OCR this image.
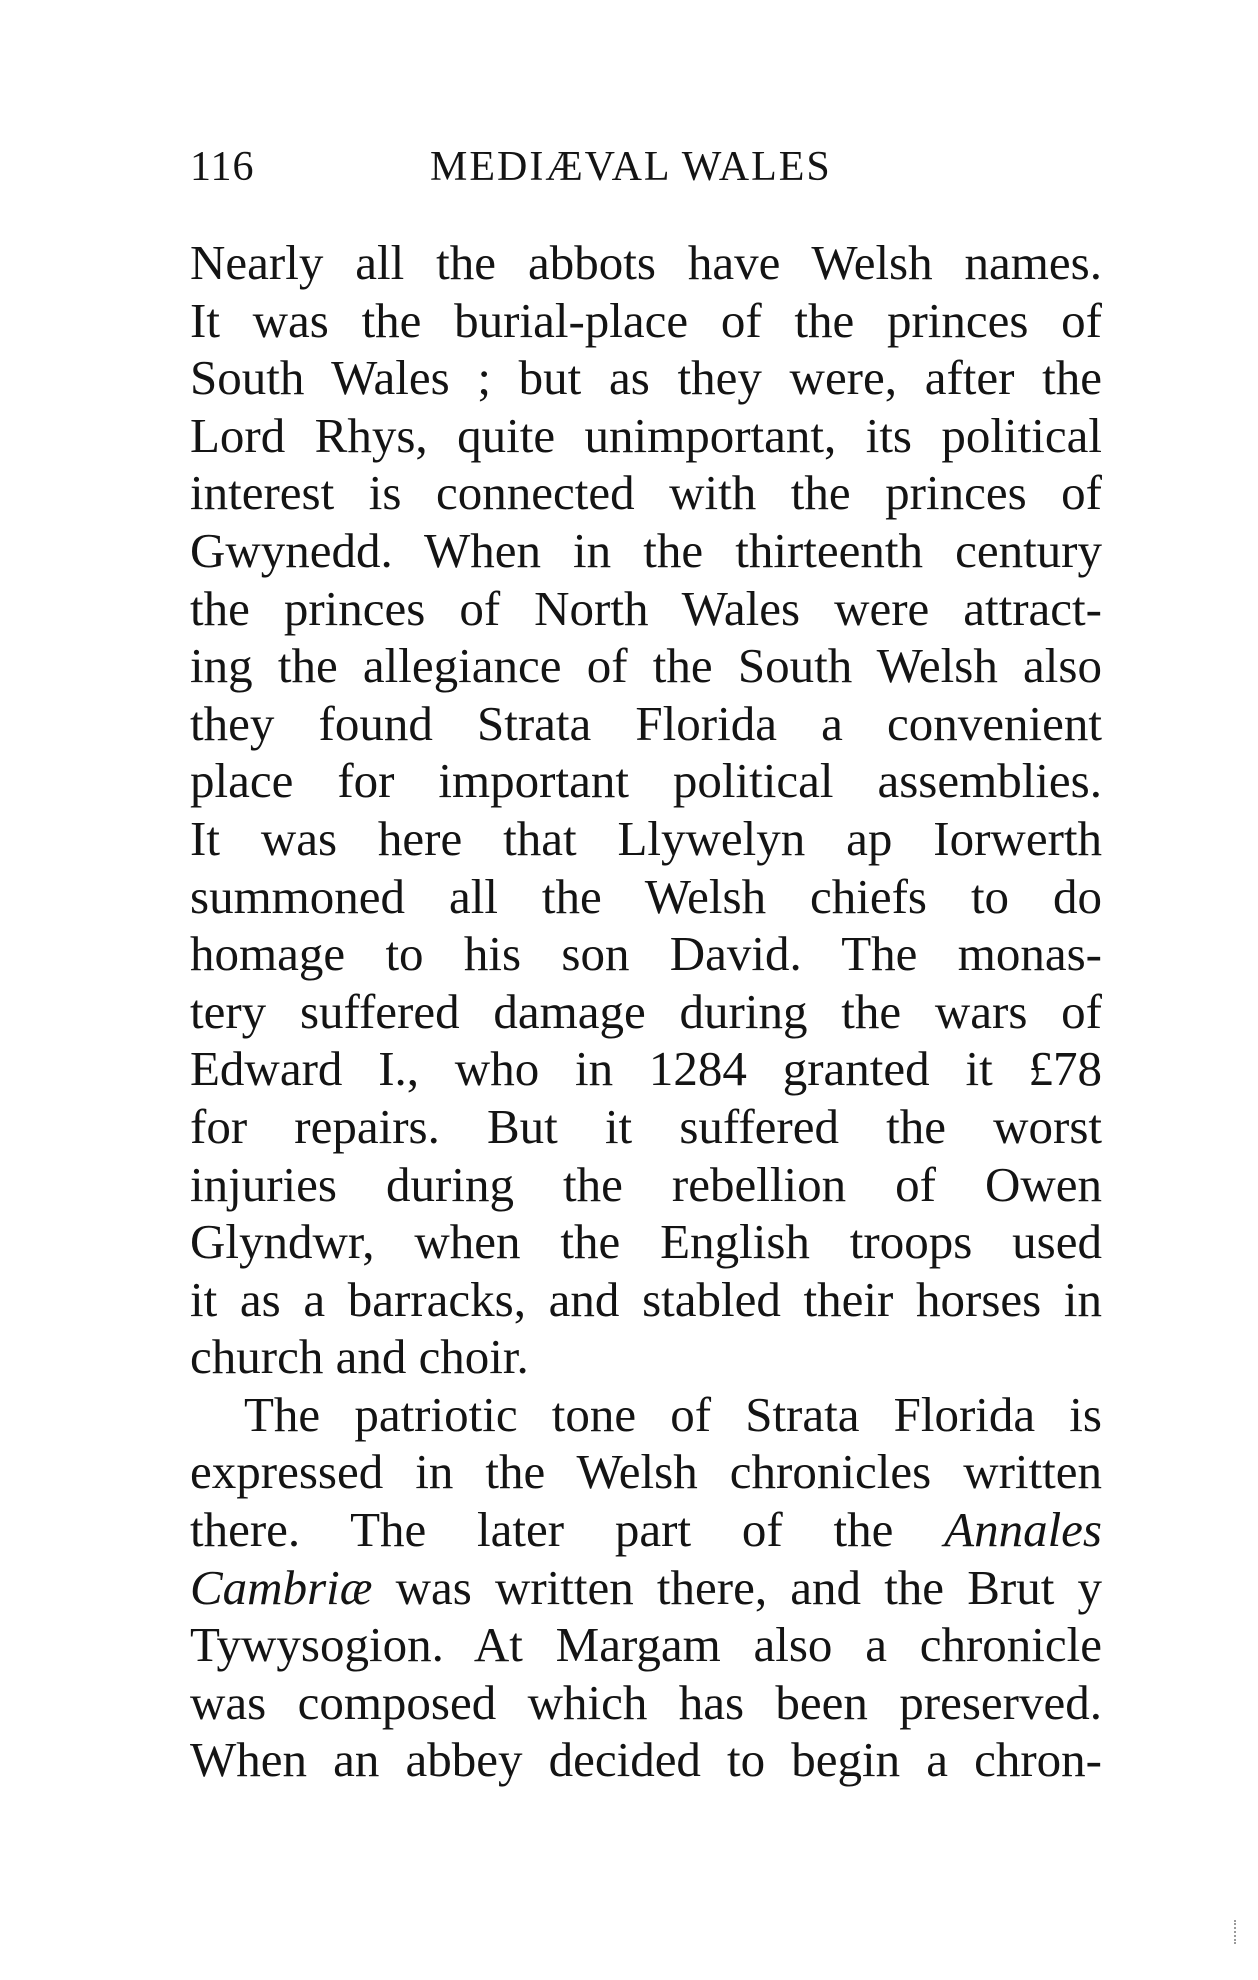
116	MEDIÆVAL WALES
Nearly all the abbots have Welsh names.
It was the burial-place of the princes of
South Wales ; but as they were, after the
Lord Rhys, quite unimportant, its political
interest is connected with the princes of
Gwynedd. When in the thirteenth century
the princes of North Wales were attract-
ing the allegiance of the South Welsh also
they found Strata Florida a convenient
place for important political assemblies.
It was here that Llywelyn ap Iorwerth
summoned all the Welsh chiefs to do
homage to his son David. The monas-
tery suffered damage during the wars of
Edward I., who in 1284 granted it £78
for repairs. But it suffered the worst
injuries during the rebellion of Owen
Glyndwr, when the English troops used
it as a barracks, and stabled their horses in
church and choir.
The patriotic tone of Strata Florida is
expressed in the Welsh chronicles written
there. The later part of the Annales
Cambriæ was written there, and the Brut y
Tywysogion. At Margam also a chronicle
was composed which has been preserved.
When an abbey decided to begin a chron-
